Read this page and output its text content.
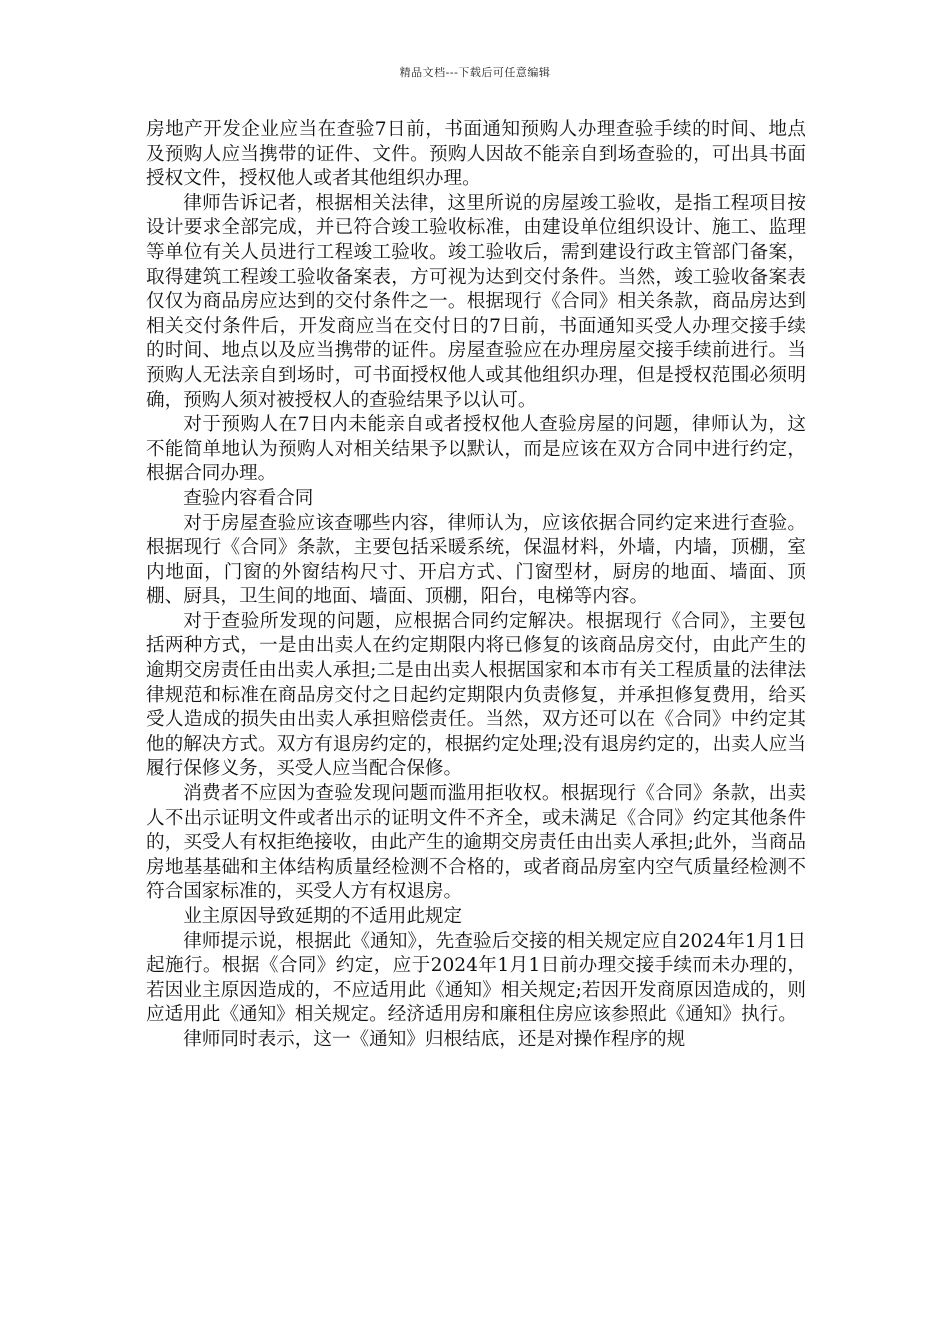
精品文档---下载后可任意编辑

房地产开发企业应当在查验7日前，书面通知预购人办理查验手续的时间、地点及预购人应当携带的证件、文件。预购人因故不能亲自到场查验的，可出具书面授权文件，授权他人或者其他组织办理。

律师告诉记者，根据相关法律，这里所说的房屋竣工验收，是指工程项目按设计要求全部完成，并已符合竣工验收标准，由建设单位组织设计、施工、监理等单位有关人员进行工程竣工验收。竣工验收后，需到建设行政主管部门备案，取得建筑工程竣工验收备案表，方可视为达到交付条件。当然，竣工验收备案表仅仅为商品房应达到的交付条件之一。根据现行《合同》相关条款，商品房达到相关交付条件后，开发商应当在交付日的7日前，书面通知买受人办理交接手续的时间、地点以及应当携带的证件。房屋查验应在办理房屋交接手续前进行。当预购人无法亲自到场时，可书面授权他人或其他组织办理，但是授权范围必须明确，预购人须对被授权人的查验结果予以认可。

对于预购人在7日内未能亲自或者授权他人查验房屋的问题，律师认为，这不能简单地认为预购人对相关结果予以默认，而是应该在双方合同中进行约定，根据合同办理。

查验内容看合同

对于房屋查验应该查哪些内容，律师认为，应该依据合同约定来进行查验。根据现行《合同》条款，主要包括采暖系统，保温材料，外墙，内墙，顶棚，室内地面，门窗的外窗结构尺寸、开启方式、门窗型材，厨房的地面、墙面、顶棚、厨具，卫生间的地面、墙面、顶棚，阳台，电梯等内容。

对于查验所发现的问题，应根据合同约定解决。根据现行《合同》，主要包括两种方式，一是由出卖人在约定期限内将已修复的该商品房交付，由此产生的逾期交房责任由出卖人承担;二是由出卖人根据国家和本市有关工程质量的法律法律规范和标准在商品房交付之日起约定期限内负责修复，并承担修复费用，给买受人造成的损失由出卖人承担赔偿责任。当然，双方还可以在《合同》中约定其他的解决方式。双方有退房约定的，根据约定处理;没有退房约定的，出卖人应当履行保修义务，买受人应当配合保修。

消费者不应因为查验发现问题而滥用拒收权。根据现行《合同》条款，出卖人不出示证明文件或者出示的证明文件不齐全，或未满足《合同》约定其他条件的，买受人有权拒绝接收，由此产生的逾期交房责任由出卖人承担;此外，当商品房地基基础和主体结构质量经检测不合格的，或者商品房室内空气质量经检测不符合国家标准的，买受人方有权退房。

业主原因导致延期的不适用此规定

律师提示说，根据此《通知》，先查验后交接的相关规定应自2024年1月1日起施行。根据《合同》约定，应于2024年1月1日前办理交接手续而未办理的，若因业主原因造成的，不应适用此《通知》相关规定;若因开发商原因造成的，则应适用此《通知》相关规定。经济适用房和廉租住房应该参照此《通知》执行。

律师同时表示，这一《通知》归根结底，还是对操作程序的规
